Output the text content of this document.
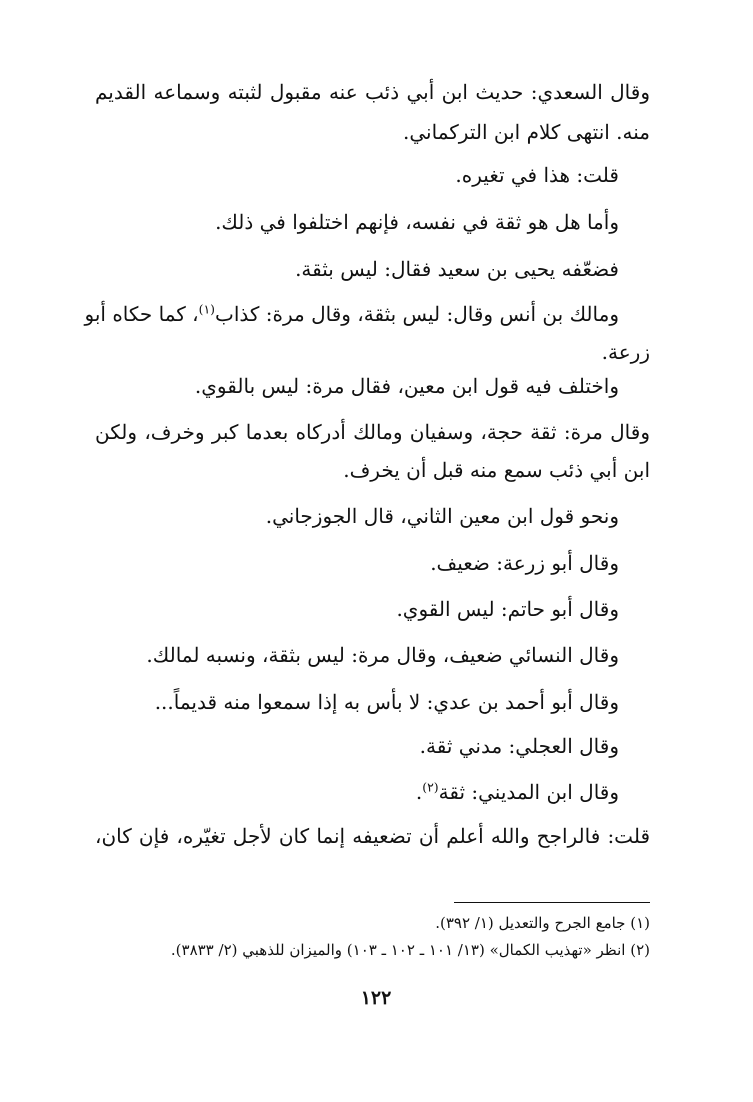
وقال السعدي: حديث ابن أبي ذئب عنه مقبول لثبته وسماعه القديم
منه. انتهى كلام ابن التركماني.
قلت: هذا في تغيره.
وأما هل هو ثقة في نفسه، فإنهم اختلفوا في ذلك.
فضعّفه يحيى بن سعيد فقال: ليس بثقة.
ومالك بن أنس وقال: ليس بثقة، وقال مرة: كذاب$^{(١)}$، كما حكاه أبو
زرعة.
واختلف فيه قول ابن معين، فقال مرة: ليس بالقوي.
وقال مرة: ثقة حجة، وسفيان ومالك أدركاه بعدما كبر وخرف، ولكن
ابن أبي ذئب سمع منه قبل أن يخرف.
ونحو قول ابن معين الثاني، قال الجوزجاني.
وقال أبو زرعة: ضعيف.
وقال أبو حاتم: ليس القوي.
وقال النسائي ضعيف، وقال مرة: ليس بثقة، ونسبه لمالك.
وقال أبو أحمد بن عدي: لا بأس به إذا سمعوا منه قديماً...
وقال العجلي: مدني ثقة.
وقال ابن المديني: ثقة$^{(٢)}$.
قلت: فالراجح والله أعلم أن تضعيفه إنما كان لأجل تغيّره، فإن كان،
(١) جامع الجرح والتعديل (١/ ٣٩٢).
(٢) انظر «تهذيب الكمال» (١٣/ ١٠١ ـ ١٠٢ ـ ١٠٣) والميزان للذهبي (٢/ ٣٨٣٣).
١٢٢
